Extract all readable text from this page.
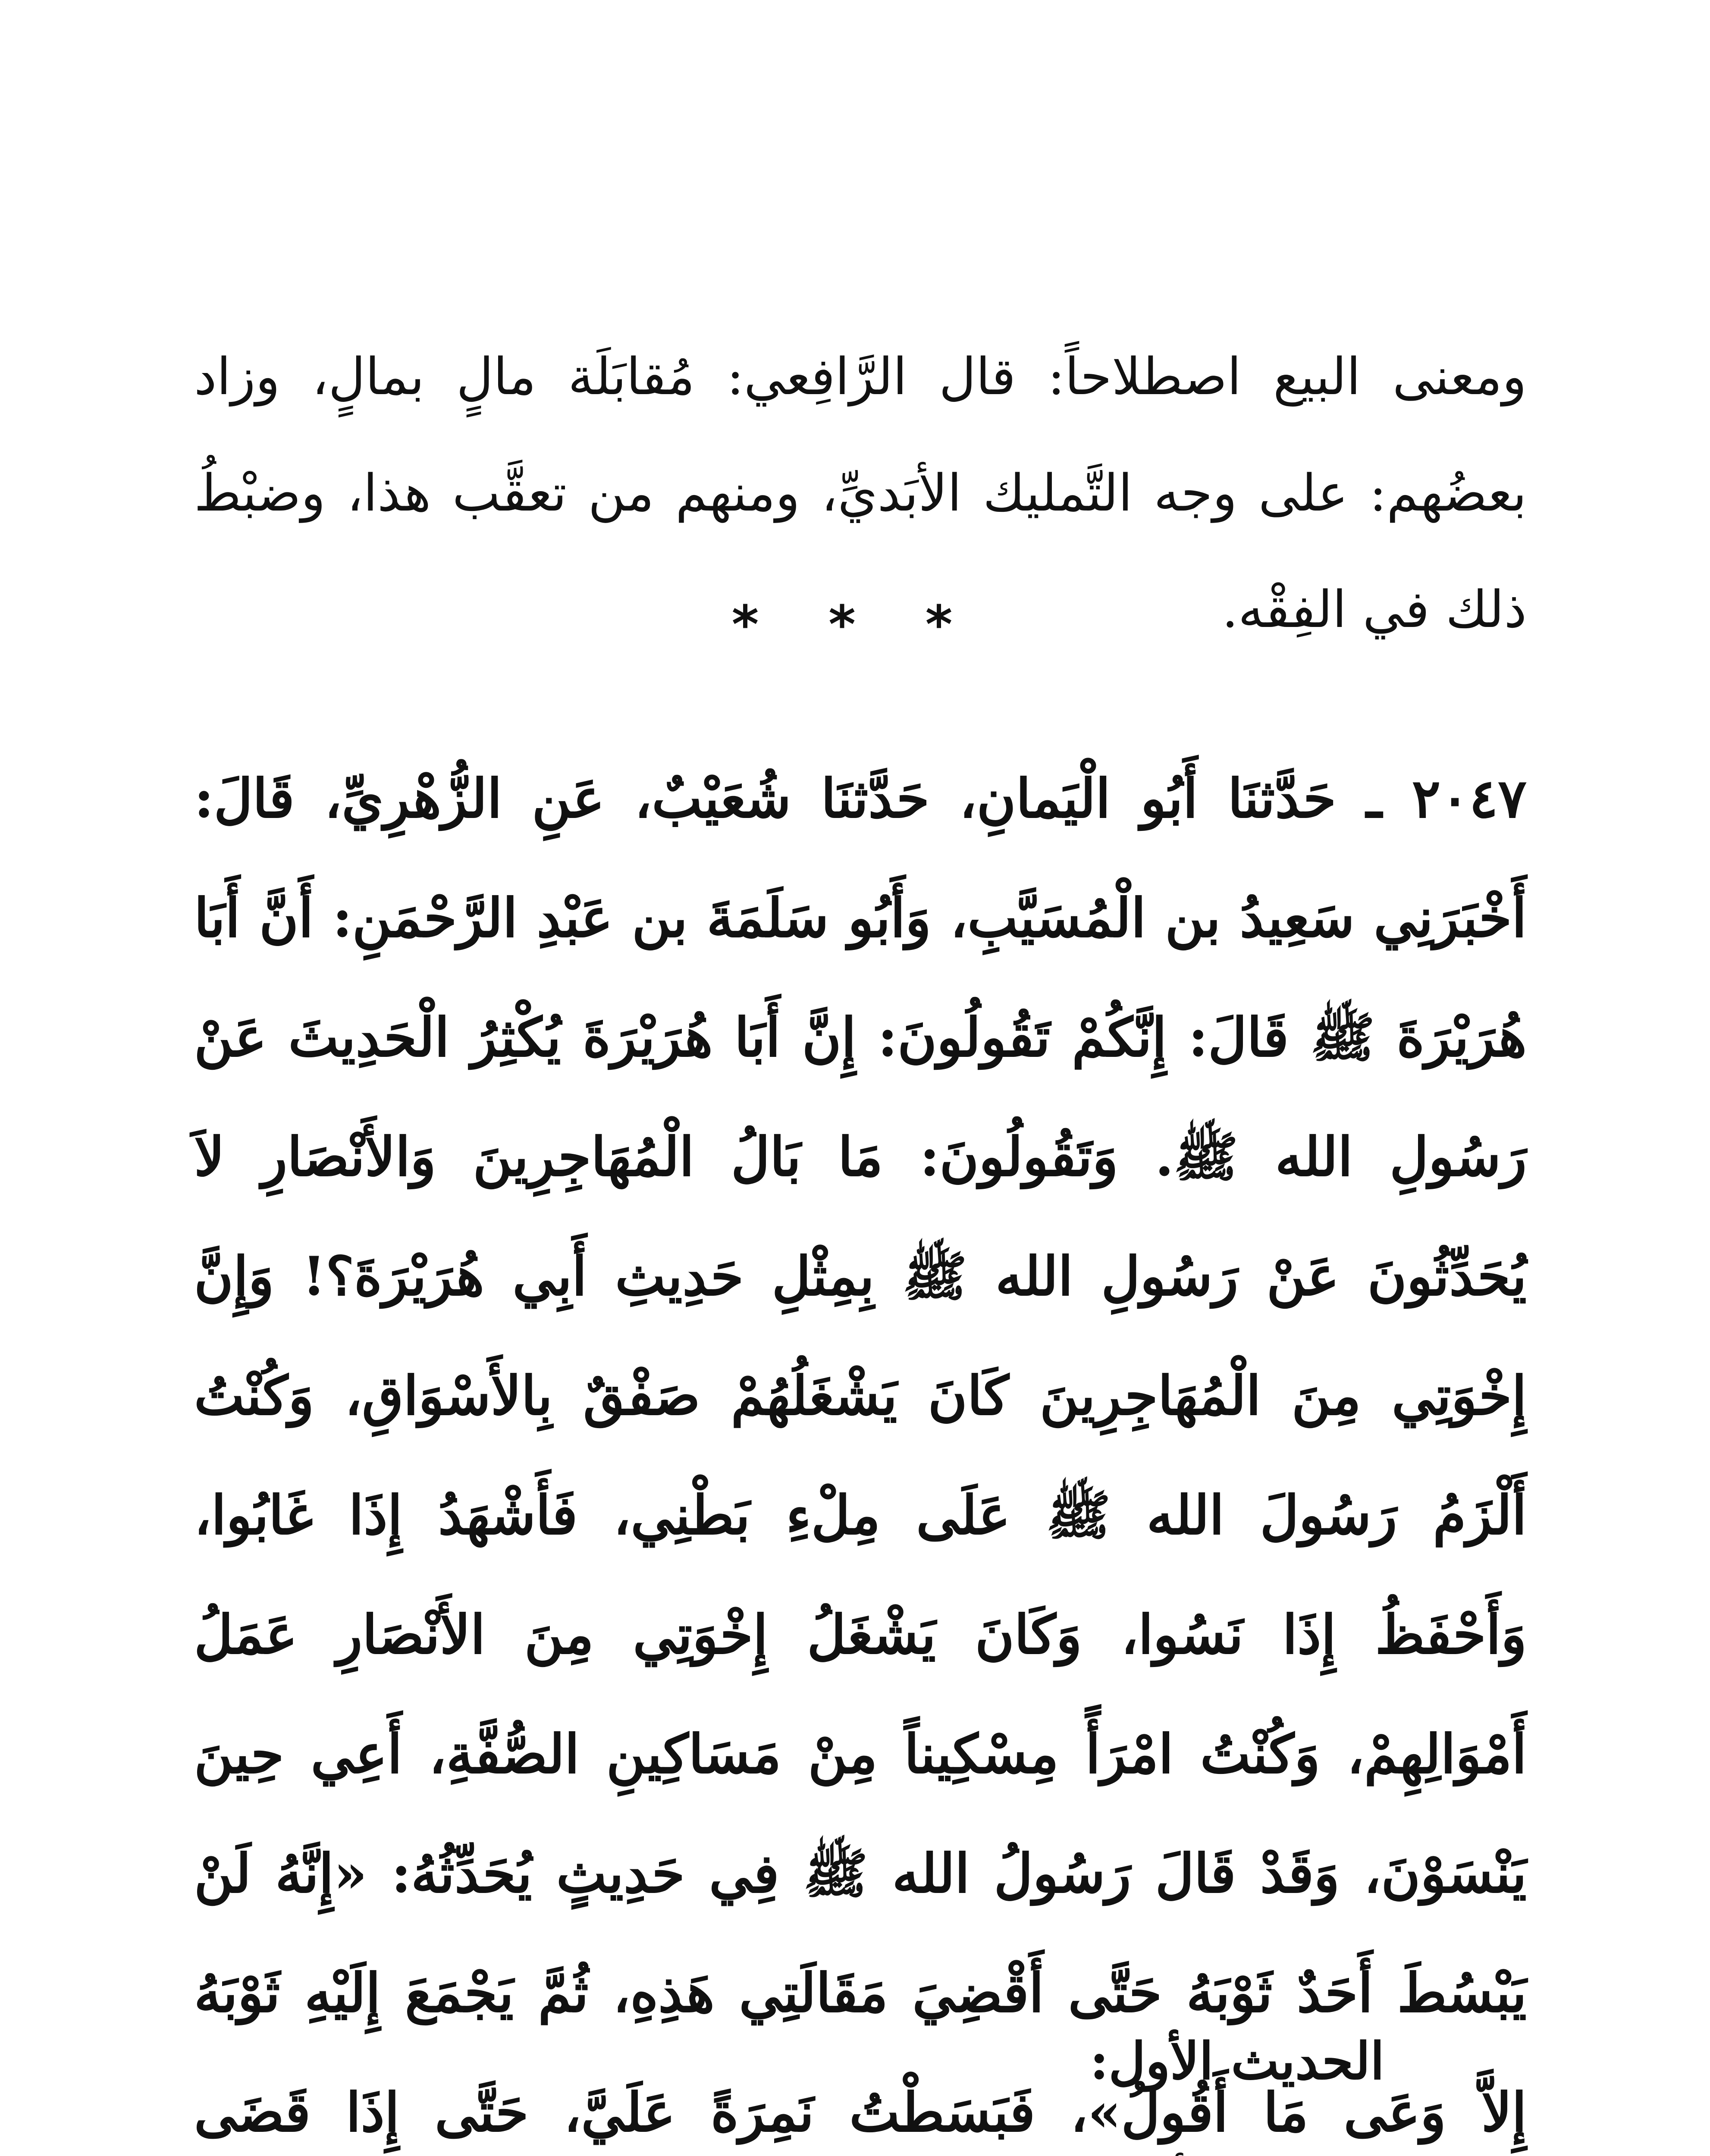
ومعنى البيع اصطلاحاً: قال الرَّافِعي: مُقابَلَة مالٍ بمالٍ، وزاد بعضُهم: على وجه التَّمليك الأبَديِّ، ومنهم من تعقَّب هذا، وضبْطُ ذلك في الفِقْه.

* * *

٢٠٤٧ ـ حَدَّثنَا أَبُو الْيَمانِ، حَدَّثنَا شُعَيْبٌ، عَنِ الزُّهْرِيِّ، قَالَ: أَخْبَرَنِي سَعِيدُ بن الْمُسَيَّبِ، وَأَبُو سَلَمَةَ بن عَبْدِ الرَّحْمَنِ: أَنَّ أَبَا هُرَيْرَةَ ﷺ قَالَ: إِنَّكُمْ تَقُولُونَ: إِنَّ أَبَا هُرَيْرَةَ يُكْثِرُ الْحَدِيثَ عَنْ رَسُولِ الله ﷺ. وَتَقُولُونَ: مَا بَالُ الْمُهَاجِرِينَ وَالأَنْصَارِ لاَ يُحَدِّثُونَ عَنْ رَسُولِ الله ﷺ بِمِثْلِ حَدِيثِ أَبِي هُرَيْرَةَ؟! وَإِنَّ إِخْوَتِي مِنَ الْمُهَاجِرِينَ كَانَ يَشْغَلُهُمْ صَفْقٌ بِالأَسْوَاقِ، وَكُنْتُ أَلْزَمُ رَسُولَ الله ﷺ عَلَى مِلْءِ بَطْنِي، فَأَشْهَدُ إِذَا غَابُوا، وَأَحْفَظُ إِذَا نَسُوا، وَكَانَ يَشْغَلُ إِخْوَتِي مِنَ الأَنْصَارِ عَمَلُ أَمْوَالِهِمْ، وَكُنْتُ امْرَأً مِسْكِيناً مِنْ مَسَاكِينِ الصُّفَّةِ، أَعِي حِينَ يَنْسَوْنَ، وَقَدْ قَالَ رَسُولُ الله ﷺ فِي حَدِيثٍ يُحَدِّثُهُ: «إِنَّهُ لَنْ يَبْسُطَ أَحَدٌ ثَوْبَهُ حَتَّى أَقْضِيَ مَقَالَتِي هَذِهِ، ثُمَّ يَجْمَعَ إِلَيْهِ ثَوْبَهُ إِلاَّ وَعَى مَا أَقُولُ»، فَبَسَطْتُ نَمِرَةً عَلَيَّ، حَتَّى إِذَا قَضَى

الحديث الأول:
